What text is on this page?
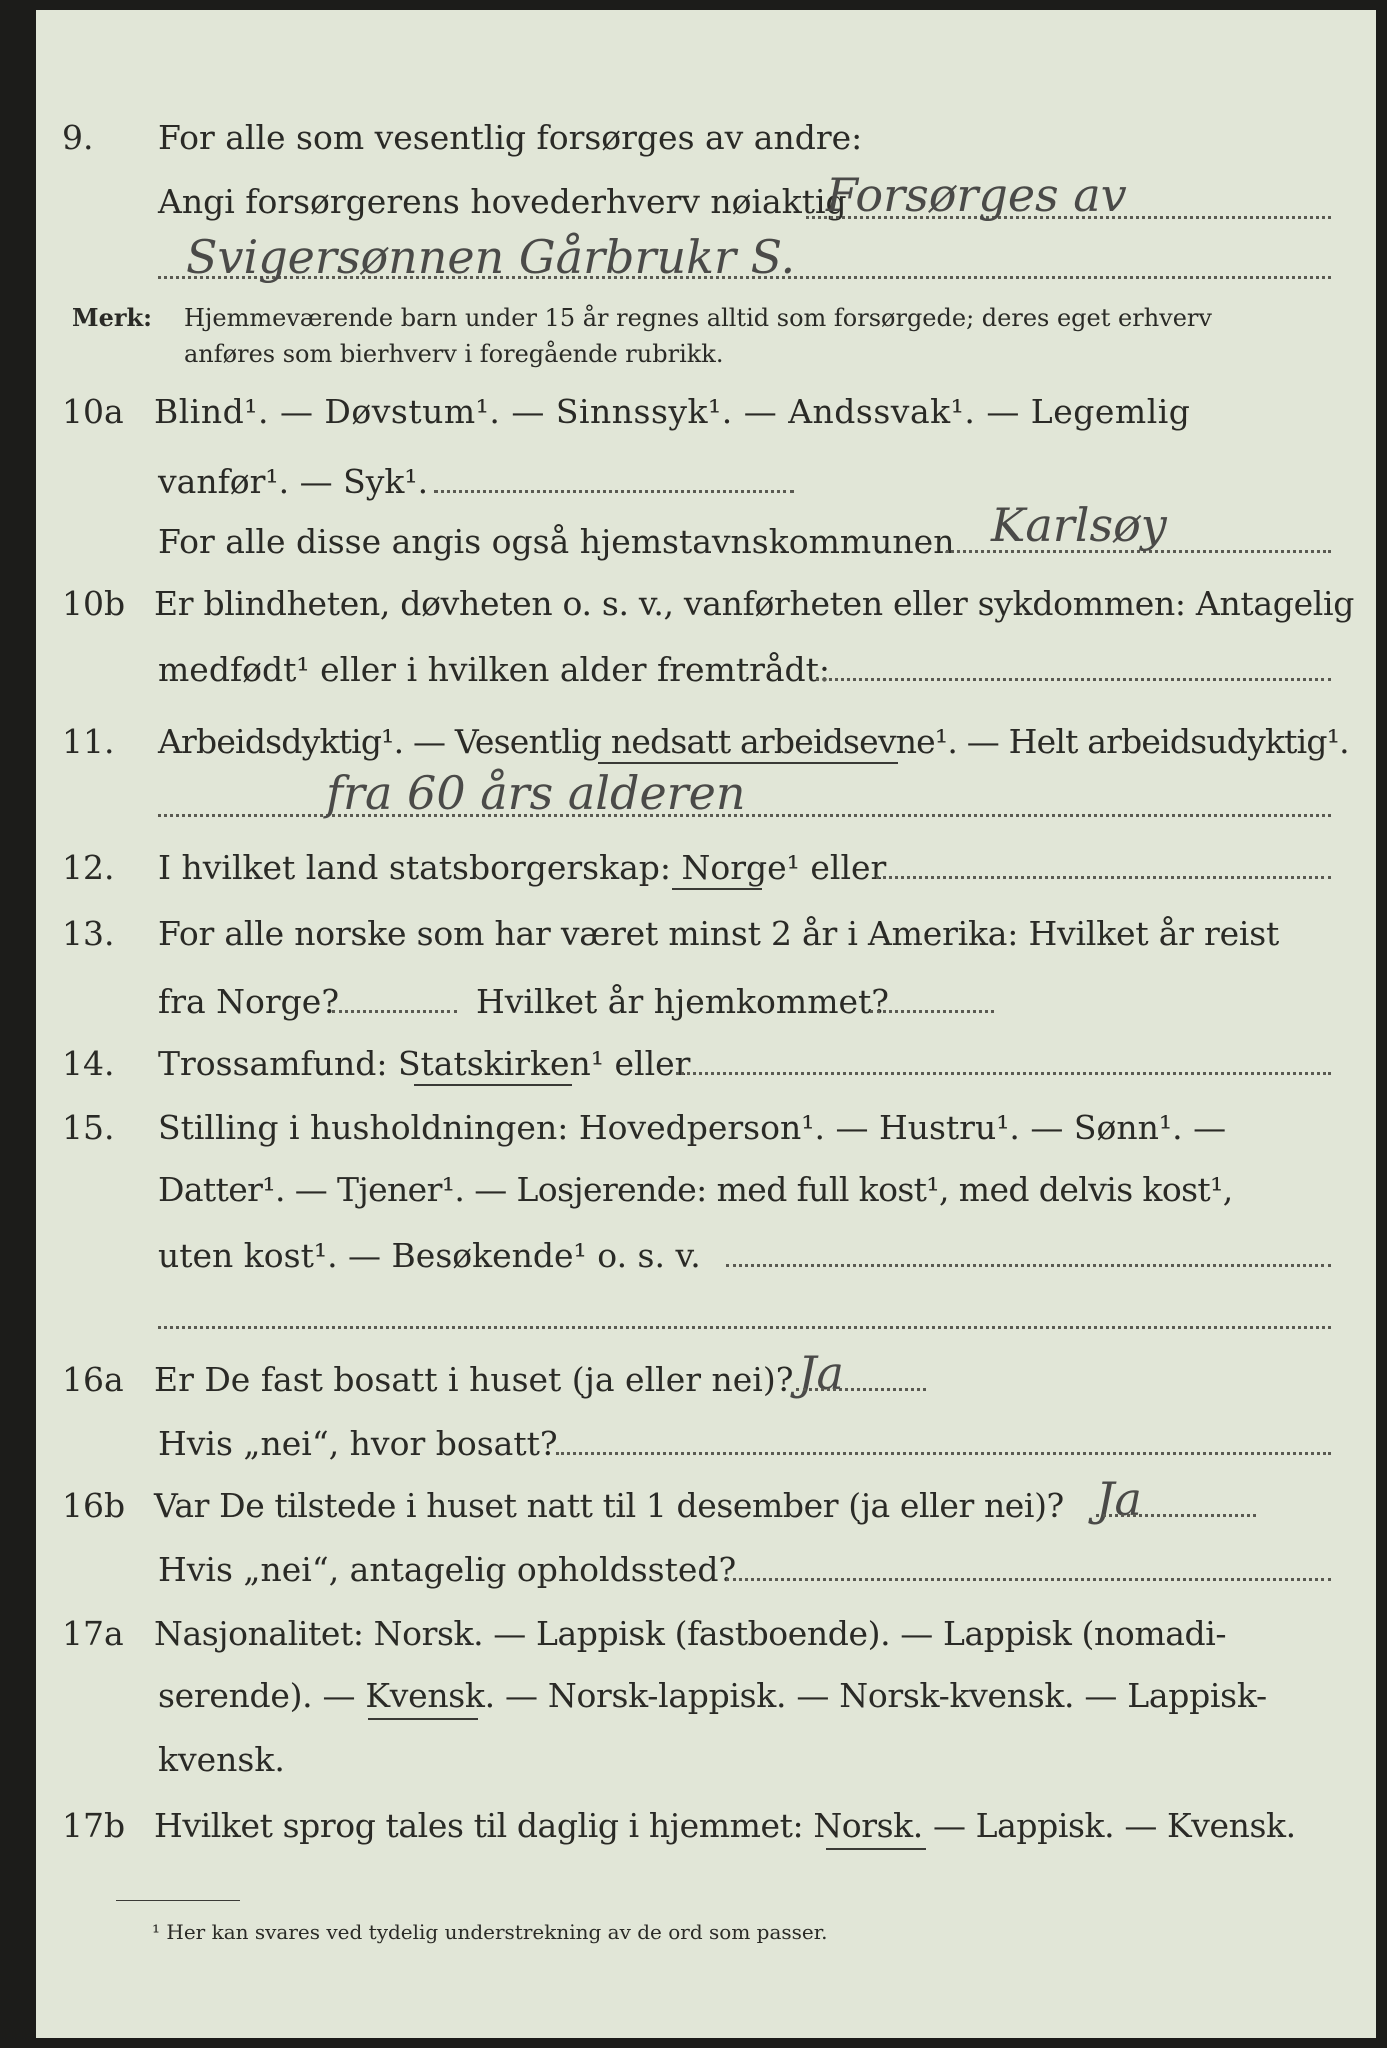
9. For alle som vesentlig forsørges av andre:
Angi forsørgerens hovederhverv nøiaktig
Forsørges av
Svigersønnen Gårbrukr S.
Merk: Hjemmeværende barn under 15 år regnes alltid som forsørgede; deres eget erhverv
anføres som bierhverv i foregående rubrikk.
10a Blind¹. — Døvstum¹. — Sinnssyk¹. — Andssvak¹. — Legemlig
vanfør¹. — Syk¹.
For alle disse angis også hjemstavnskommunen Karlsøy
10b Er blindheten, døvheten o. s. v., vanførheten eller sykdommen: Antagelig
medfødt¹ eller i hvilken alder fremtrådt:
11. Arbeidsdyktig¹. — Vesentlig nedsatt arbeidsevne¹. — Helt arbeidsudyktig¹.
fra 60 års alderen
12. I hvilket land statsborgerskap: Norge¹ eller
13. For alle norske som har været minst 2 år i Amerika: Hvilket år reist
fra Norge?	Hvilket år hjemkommet?
14. Trossamfund: Statskirken¹ eller
15. Stilling i husholdningen: Hovedperson¹. — Hustru¹. — Sønn¹. —
Datter¹. — Tjener¹. — Losjerende: med full kost¹, med delvis kost¹,
uten kost¹. — Besøkende¹ o. s. v.
16a Er De fast bosatt i huset (ja eller nei)? Ja
Hvis „nei“, hvor bosatt?
16b Var De tilstede i huset natt til 1 desember (ja eller nei)? Ja
Hvis „nei“, antagelig opholdssted?
17a Nasjonalitet: Norsk. — Lappisk (fastboende). — Lappisk (nomadi-
serende). — Kvensk. — Norsk-lappisk. — Norsk-kvensk. — Lappisk-
kvensk.
17b Hvilket sprog tales til daglig i hjemmet: Norsk. — Lappisk. — Kvensk.
¹ Her kan svares ved tydelig understrekning av de ord som passer.
